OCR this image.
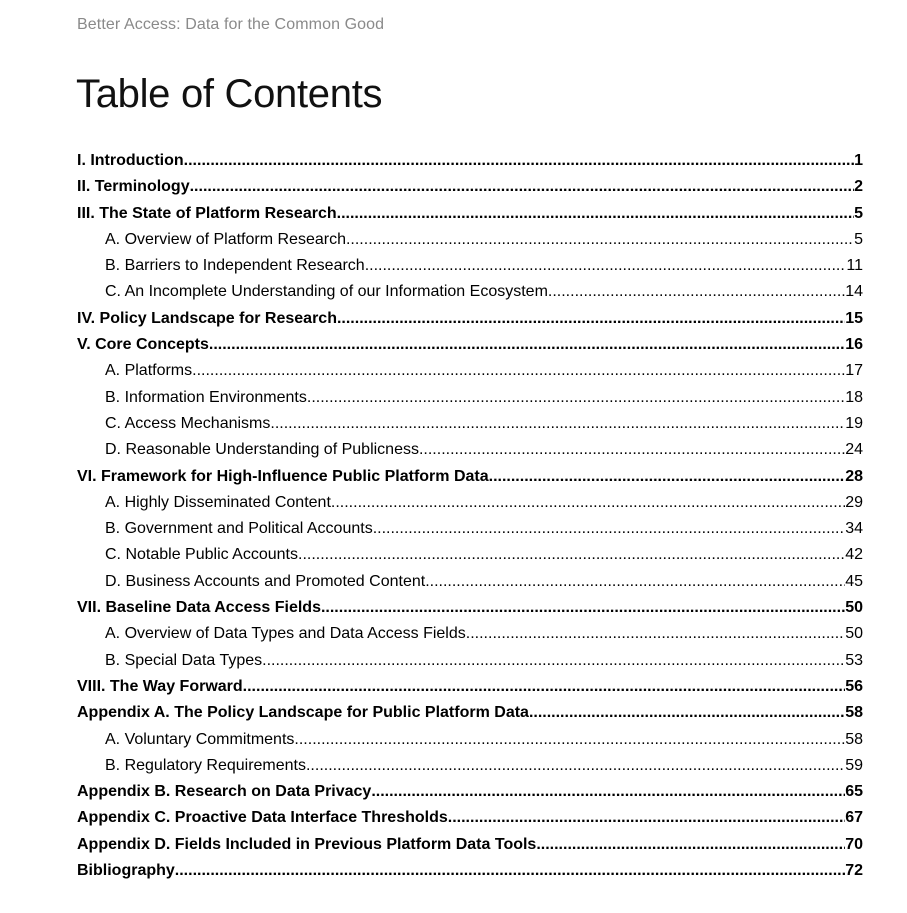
Better Access: Data for the Common Good
Table of Contents
I. Introduction .....	1
II. Terminology .....	2
III. The State of Platform Research .....	5
A. Overview of Platform Research .....	5
B. Barriers to Independent Research .....	11
C. An Incomplete Understanding of our Information Ecosystem .....	14
IV. Policy Landscape for Research .....	15
V. Core Concepts .....	16
A. Platforms .....	17
B. Information Environments .....	18
C. Access Mechanisms .....	19
D. Reasonable Understanding of Publicness .....	24
VI. Framework for High-Influence Public Platform Data .....	28
A. Highly Disseminated Content .....	29
B. Government and Political Accounts .....	34
C. Notable Public Accounts .....	42
D. Business Accounts and Promoted Content .....	45
VII. Baseline Data Access Fields .....	50
A. Overview of Data Types and Data Access Fields .....	50
B. Special Data Types .....	53
VIII. The Way Forward .....	56
Appendix A. The Policy Landscape for Public Platform Data .....	58
A. Voluntary Commitments .....	58
B. Regulatory Requirements .....	59
Appendix B. Research on Data Privacy .....	65
Appendix C. Proactive Data Interface Thresholds .....	67
Appendix D. Fields Included in Previous Platform Data Tools .....	70
Bibliography .....	72
